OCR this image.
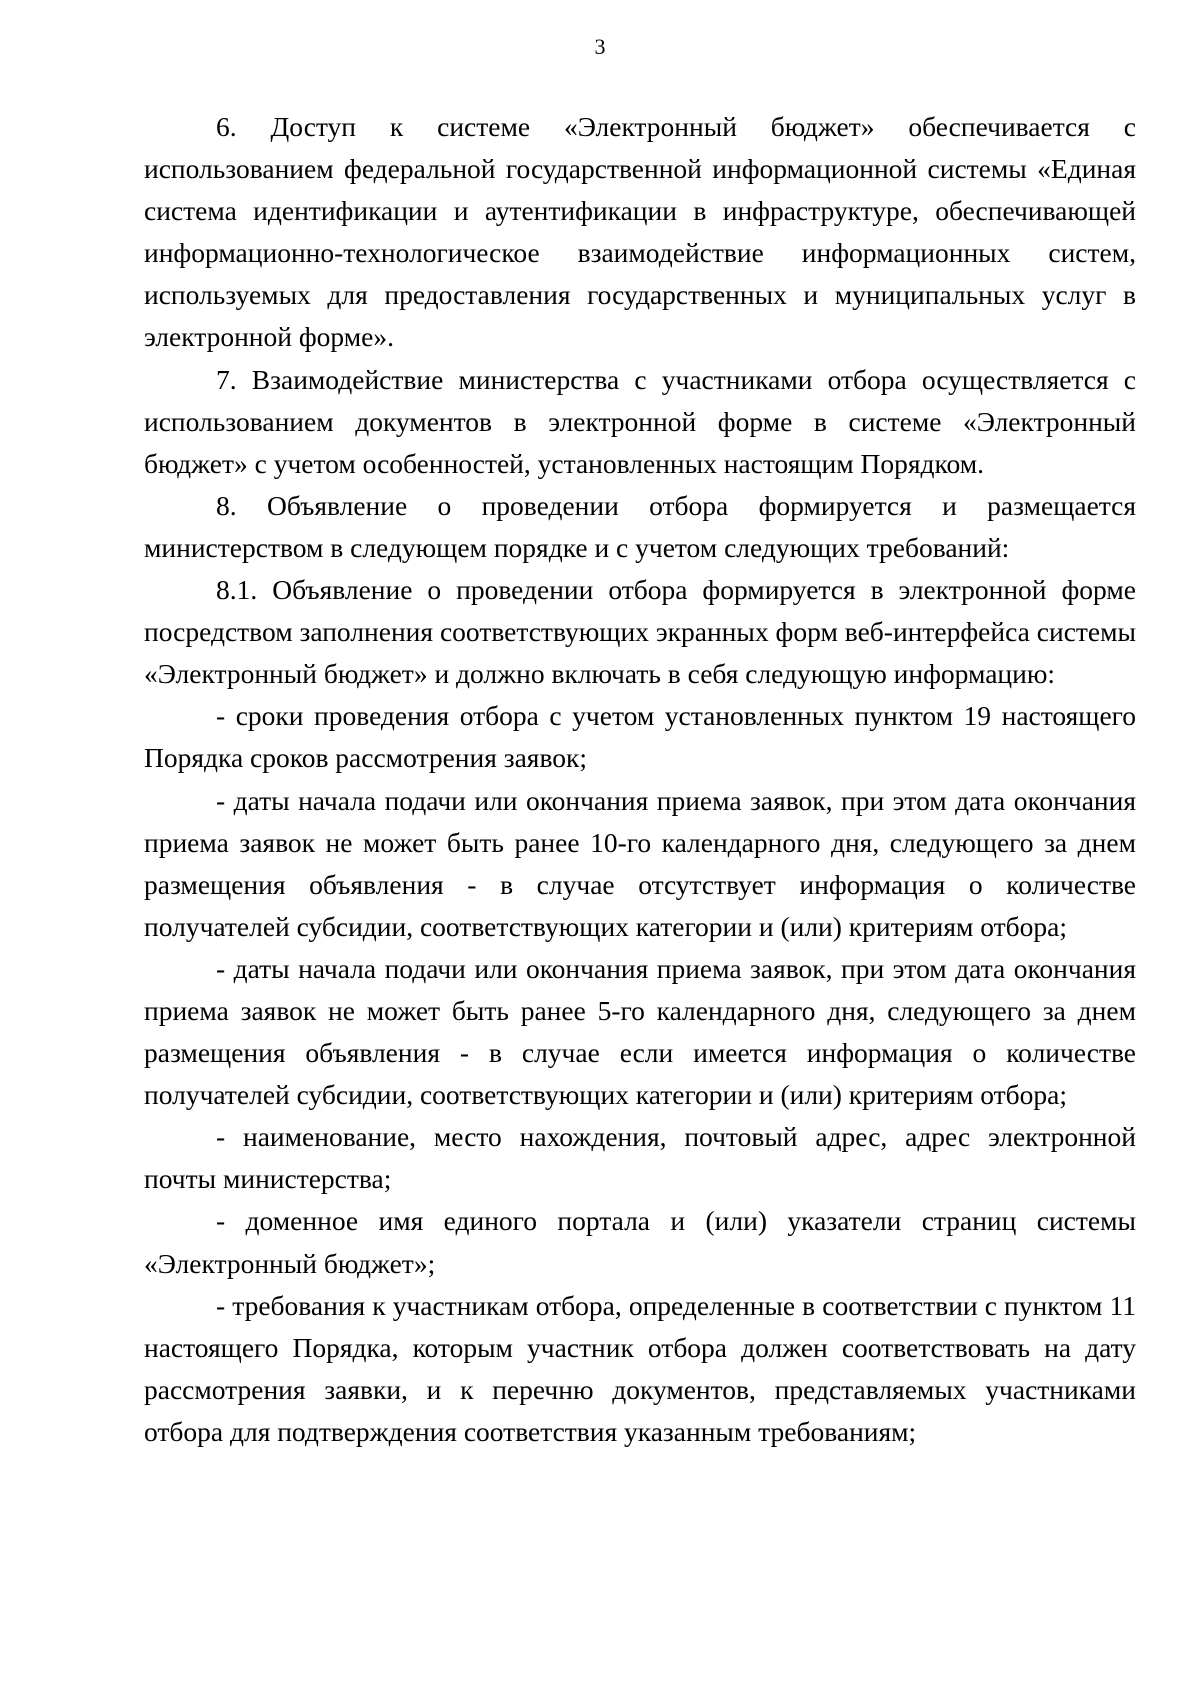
3

6. Доступ к системе «Электронный бюджет» обеспечивается с использованием федеральной государственной информационной системы «Единая система идентификации и аутентификации в инфраструктуре, обеспечивающей информационно-технологическое взаимодействие информационных систем, используемых для предоставления государственных и муниципальных услуг в электронной форме».

7. Взаимодействие министерства с участниками отбора осуществляется с использованием документов в электронной форме в системе «Электронный бюджет» с учетом особенностей, установленных настоящим Порядком.

8. Объявление о проведении отбора формируется и размещается министерством в следующем порядке и с учетом следующих требований:

8.1. Объявление о проведении отбора формируется в электронной форме посредством заполнения соответствующих экранных форм веб-интерфейса системы «Электронный бюджет» и должно включать в себя следующую информацию:

- сроки проведения отбора с учетом установленных пунктом 19 настоящего Порядка сроков рассмотрения заявок;

- даты начала подачи или окончания приема заявок, при этом дата окончания приема заявок не может быть ранее 10-го календарного дня, следующего за днем размещения объявления - в случае отсутствует информация о количестве получателей субсидии, соответствующих категории и (или) критериям отбора;

- даты начала подачи или окончания приема заявок, при этом дата окончания приема заявок не может быть ранее 5-го календарного дня, следующего за днем размещения объявления - в случае если имеется информация о количестве получателей субсидии, соответствующих категории и (или) критериям отбора;

- наименование, место нахождения, почтовый адрес, адрес электронной почты министерства;

- доменное имя единого портала и (или) указатели страниц системы «Электронный бюджет»;

- требования к участникам отбора, определенные в соответствии с пунктом 11 настоящего Порядка, которым участник отбора должен соответствовать на дату рассмотрения заявки, и к перечню документов, представляемых участниками отбора для подтверждения соответствия указанным требованиям;
